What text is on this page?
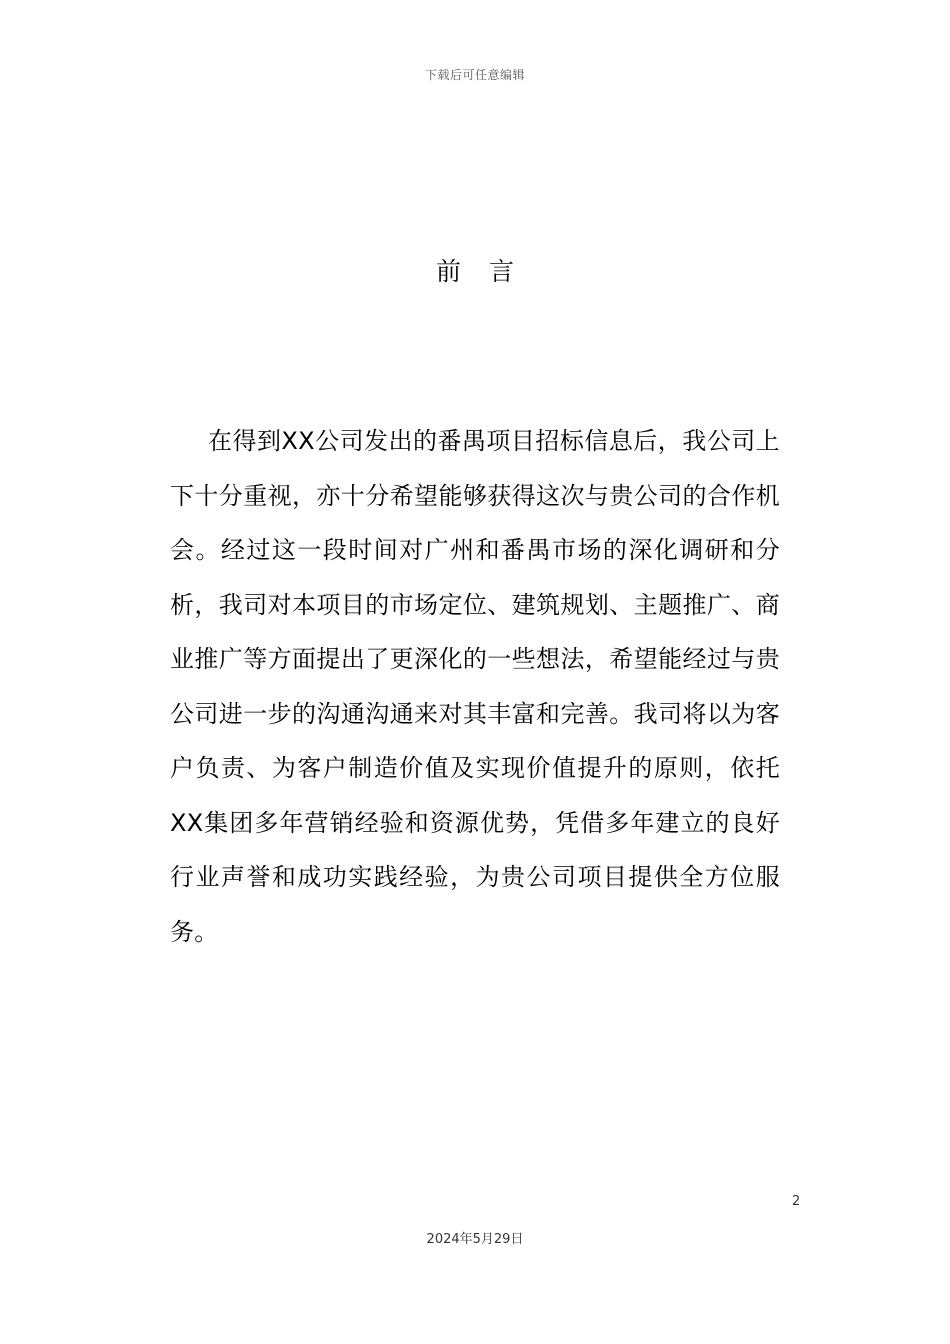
下载后可任意编辑
前言
在得到XX公司发出的番禺项目招标信息后，我公司上下十分重视，亦十分希望能够获得这次与贵公司的合作机会。经过这一段时间对广州和番禺市场的深化调研和分析，我司对本项目的市场定位、建筑规划、主题推广、商业推广等方面提出了更深化的一些想法，希望能经过与贵公司进一步的沟通沟通来对其丰富和完善。我司将以为客户负责、为客户制造价值及实现价值提升的原则，依托XX集团多年营销经验和资源优势，凭借多年建立的良好行业声誉和成功实践经验，为贵公司项目提供全方位服务。
2
2024年5月29日
